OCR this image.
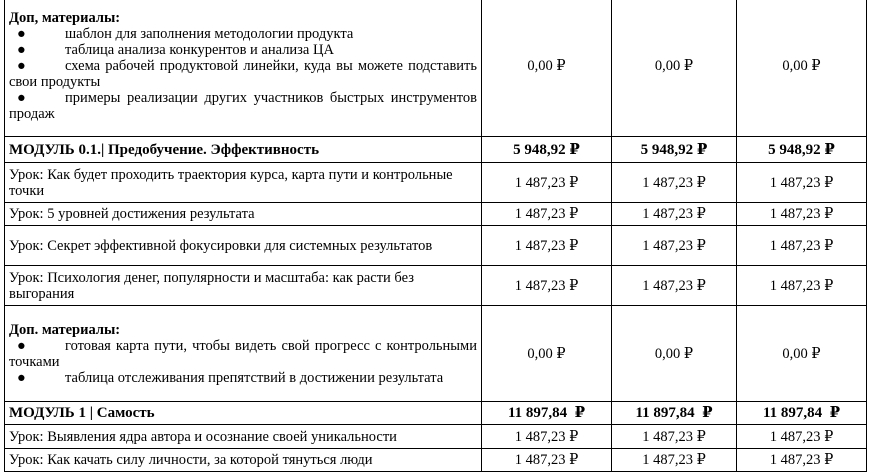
Доп, материалы:
● шаблон для заполнения методологии продукта
● таблица анализа конкурентов и анализа ЦА
● схема рабочей продуктовой линейки, куда вы можете подставить свои продукты
● примеры реализации других участников быстрых инструментов продаж	0,00 ₽	0,00 ₽	0,00 ₽
МОДУЛЬ 0.1.| Предобучение. Эффективность	5 948,92 ₽	5 948,92 ₽	5 948,92 ₽
Урок: Как будет проходить траектория курса, карта пути и контрольные точки	1 487,23 ₽	1 487,23 ₽	1 487,23 ₽
Урок: 5 уровней достижения результата	1 487,23 ₽	1 487,23 ₽	1 487,23 ₽
Урок: Секрет эффективной фокусировки для системных результатов	1 487,23 ₽	1 487,23 ₽	1 487,23 ₽
Урок: Психология денег, популярности и масштаба: как расти без выгорания	1 487,23 ₽	1 487,23 ₽	1 487,23 ₽

Доп. материалы:
● готовая карта пути, чтобы видеть свой прогресс с контрольными точками
● таблица отслеживания препятствий в достижении результата	0,00 ₽	0,00 ₽	0,00 ₽
МОДУЛЬ 1 | Самость	11 897,84  ₽	11 897,84  ₽	11 897,84  ₽
Урок: Выявления ядра автора и осознание своей уникальности	1 487,23 ₽	1 487,23 ₽	1 487,23 ₽
Урок: Как качать силу личности, за которой тянуться люди	1 487,23 ₽	1 487,23 ₽	1 487,23 ₽
